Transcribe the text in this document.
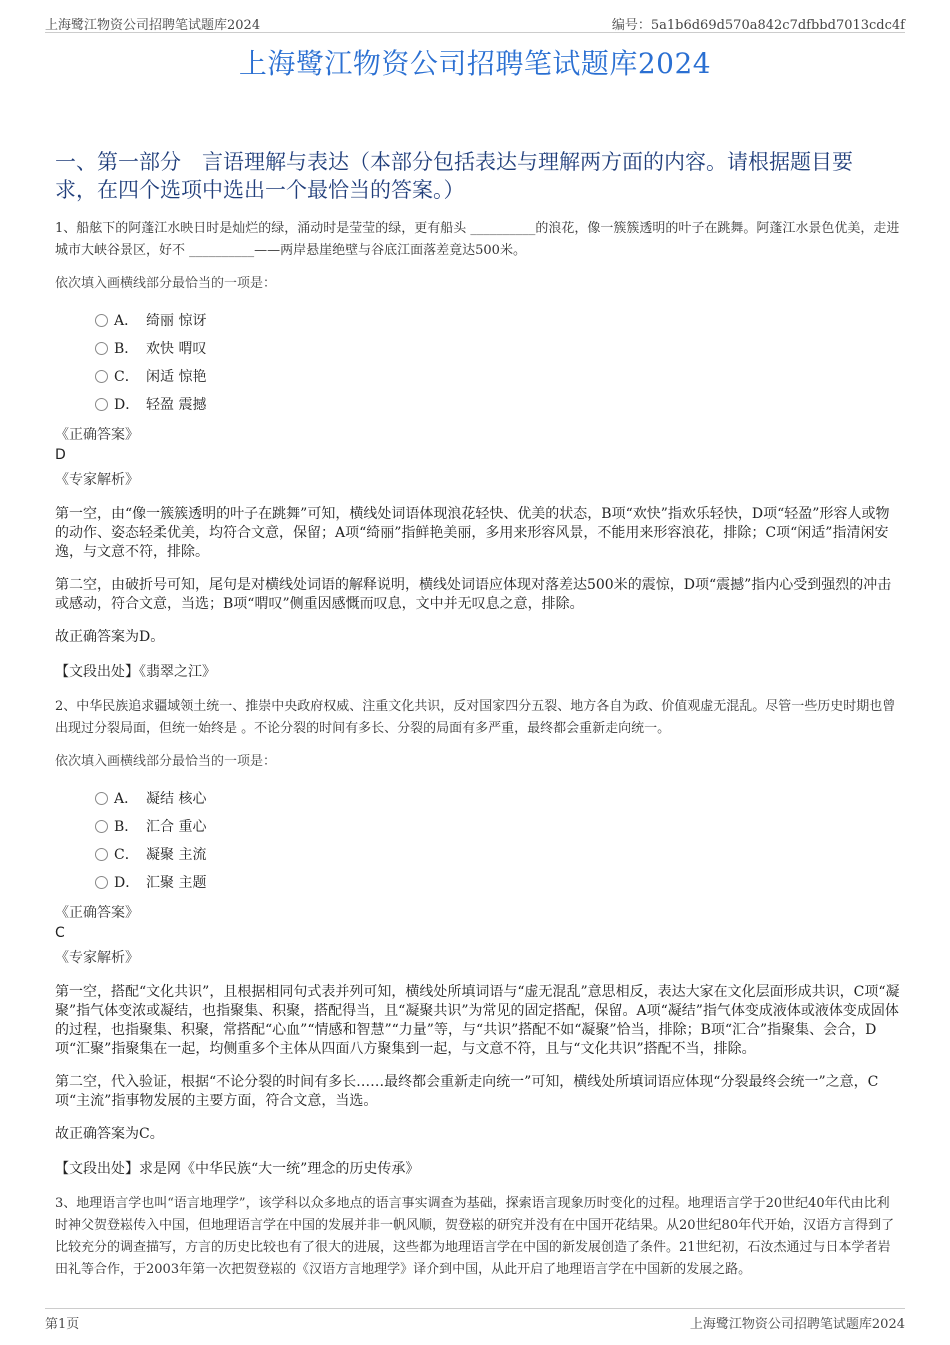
上海鹭江物资公司招聘笔试题库2024	编号：5a1b6d69d570a842c7dfbbd7013cdc4f
上海鹭江物资公司招聘笔试题库2024
一、第一部分　言语理解与表达（本部分包括表达与理解两方面的内容。请根据题目要求，在四个选项中选出一个最恰当的答案。）
1、船舷下的阿蓬江水映日时是灿烂的绿，涌动时是莹莹的绿，更有船头 __________的浪花，像一簇簇透明的叶子在跳舞。阿蓬江水景色优美，走进城市大峡谷景区，好不 __________——两岸悬崖绝壁与谷底江面落差竟达500米。
依次填入画横线部分最恰当的一项是：
A． 绮丽 惊讶
B． 欢快 喟叹
C． 闲适 惊艳
D． 轻盈 震撼
《正确答案》
D
《专家解析》
第一空，由“像一簇簇透明的叶子在跳舞”可知，横线处词语体现浪花轻快、优美的状态，B项“欢快”指欢乐轻快，D项“轻盈”形容人或物的动作、姿态轻柔优美，均符合文意，保留；A项“绮丽”指鲜艳美丽，多用来形容风景，不能用来形容浪花，排除；C项“闲适”指清闲安逸，与文意不符，排除。
第二空，由破折号可知，尾句是对横线处词语的解释说明，横线处词语应体现对落差达500米的震惊，D项“震撼”指内心受到强烈的冲击或感动，符合文意，当选；B项“喟叹”侧重因感慨而叹息，文中并无叹息之意，排除。
故正确答案为D。
【文段出处】《翡翠之江》
2、中华民族追求疆域领土统一、推崇中央政府权威、注重文化共识，反对国家四分五裂、地方各自为政、价值观虚无混乱。尽管一些历史时期也曾出现过分裂局面，但统一始终是 。不论分裂的时间有多长、分裂的局面有多严重，最终都会重新走向统一。
依次填入画横线部分最恰当的一项是：
A． 凝结 核心
B． 汇合 重心
C． 凝聚 主流
D． 汇聚 主题
《正确答案》
C
《专家解析》
第一空，搭配“文化共识”，且根据相同句式表并列可知，横线处所填词语与“虚无混乱”意思相反，表达大家在文化层面形成共识，C项“凝聚”指气体变浓或凝结，也指聚集、积聚，搭配得当，且“凝聚共识”为常见的固定搭配，保留。A项“凝结”指气体变成液体或液体变成固体的过程，也指聚集、积聚，常搭配“心血”“情感和智慧”“力量”等，与“共识”搭配不如“凝聚”恰当，排除；B项“汇合”指聚集、会合，D项“汇聚”指聚集在一起，均侧重多个主体从四面八方聚集到一起，与文意不符，且与“文化共识”搭配不当，排除。
第二空，代入验证，根据“不论分裂的时间有多长……最终都会重新走向统一”可知，横线处所填词语应体现“分裂最终会统一”之意，C项“主流”指事物发展的主要方面，符合文意，当选。
故正确答案为C。
【文段出处】求是网《中华民族“大一统”理念的历史传承》
3、地理语言学也叫“语言地理学”，该学科以众多地点的语言事实调查为基础，探索语言现象历时变化的过程。地理语言学于20世纪40年代由比利时神父贺登崧传入中国，但地理语言学在中国的发展并非一帆风顺，贺登崧的研究并没有在中国开花结果。从20世纪80年代开始，汉语方言得到了比较充分的调查描写，方言的历史比较也有了很大的进展，这些都为地理语言学在中国的新发展创造了条件。21世纪初，石汝杰通过与日本学者岩田礼等合作，于2003年第一次把贺登崧的《汉语方言地理学》译介到中国，从此开启了地理语言学在中国新的发展之路。
第1页	上海鹭江物资公司招聘笔试题库2024
